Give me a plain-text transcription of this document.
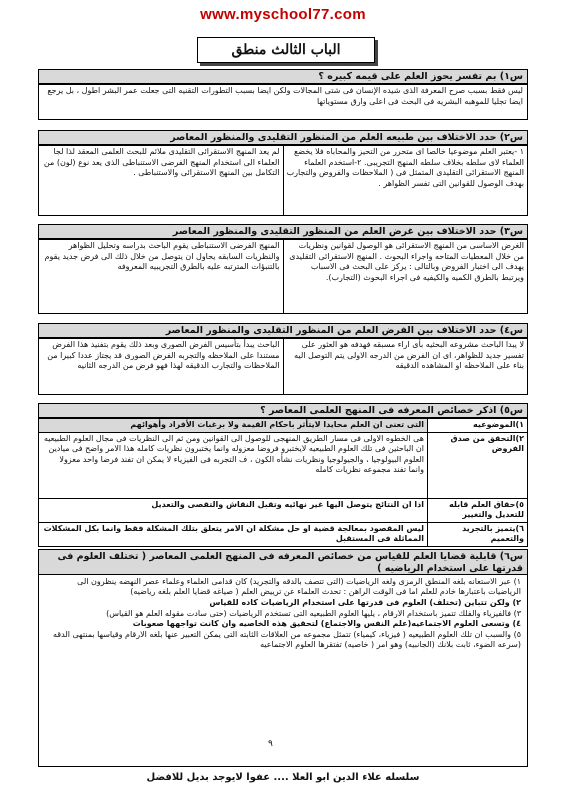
www.myschool77.com
الباب الثالث منطق
س١) بم تفسر يحوز العلم على قيمه كبيره ؟
ليس فقط بسبب صرح المعرفة الذى شيده الإنسان فى شتى المجالات ولكن ايضا بسبب التطورات التقنيه التى جعلت عمر البشر اطول ، بل يرجع ايضا تجليا للموهبه البشريه فى البحث فى اعلى وارق مستوياتها
س٢) حدد الاختلاف بين طبيعه العلم من المنظور التقليدى والمنظور المعاصر
١ -يعتبر العلم موضوعيا خالصا اى متحرر من التحيز والمحاباه فلا يخضع العلماء لاى سلطه بخلاف سلطه المنهج التجريبى. ٢-استخدم العلماء المنهج الاستقرائى التقليدى المتمثل فى ( الملاحظات والفروض والتجارب بهدف الوصول للقوانين التى تفسر الظواهر .	لم يعد المنهج الاستقرائى التقليدى ملائم للبحث العلمى المعقد لذا لجا العلماء الى استخدام المنهج الفرضى الاستنباطى الذى يعد نوع (لون) من التكامل بين المنهج الاستقرائى والاستنباطى .
س٣) حدد الاختلاف بين غرض العلم من المنظور التقليدى والمنظور المعاصر
الغرض الاساسى من المنهج الاستقرائى هو الوصول لقوانين ونظريات من خلال المعطيات المتاحه واجراء البحوث . المنهج الاستقرائى التقليدى يهدف الى اختبار الفروض وبالتالى : يركز على البحث فى الاسباب ويرتبط بالطرق الكميه والكيفيه فى اجراء البحوث (التجارب).	المنهج الفرضى الاستنباطى يقوم الباحث بدراسه وتحليل الظواهر والنظريات السابقه يحاول ان يتوصل من خلال ذلك الى فرض جديد يقوم بالتنبؤات المترتبه عليه بالطرق التجريبيه المعروفه
س٤) حدد الاختلاف بين الفرض العلم من المنظور التقليدى والمنظور المعاصر
لا يبدا الباحث مشروعه البحثيه بأى اراء مسبقه فهدفه هو العثور على تفسير جديد للظواهر، اى ان الفرض من الدرجه الاولى يتم التوصل اليه بناء على الملاحظه او المشاهده الدقيقه	الباحث يبدأ بتأسيس الفرض الصورى وبعد ذلك يقوم بتفنيد هذا الفرض مستندا على الملاحظه والتجربه الفرض الصورى قد يجتاز عددا كبيرا من الملاحظات والتجارب الدقيقه لهذا فهو فرض من الدرجه الثانيه
س٥) اذكر خصائص المعرفه فى المنهج العلمى المعاصر ؟
١)الموضوعيه	التى تعنى ان العلم محايدا لايتأثر باحكام القيمة ولا برغبات الأفراد وأهوائهم
٢)التحقق من صدق الفروض	هى الخطوه الاولى فى مسار الطريق المنهجى للوصول الى القوانين ومن ثم الى النظريات فى مجال العلوم الطبيعيه ان الباحثين فى تلك العلوم الطبيعيه لايختبرو فروضا معزوله وانما يختبرون نظريات كامله هذا الامر واضح فى ميادين العلوم البيولوجيا ، والجيولوجيا ونظريات نشأه الكون ، ف التجربه فى الفيزياء لا يمكن ان تفند فرضا واحد معزولا وانما تفند مجموعه نظريات كامله
٥)حقاق العلم قابله للتعديل والتغيير	اذا ان النتائج يتوصل اليها غير نهائيه وتقبل النقاش والتقصى والتعديل
٦)يتميز بالتجريد والتعميم	ليس المقصود بمعالجة قضية او حل مشكلة ان الامر يتعلق بتلك المشكلة فقط وانما بكل المشكلات المماثلة فى المستقبل
س٦) قابلية قضايا العلم للقياس من خصائص المعرفه فى المنهج العلمى المعاصر ( تختلف العلوم فى قدرتها على استخدام الرياضيه )

١) عبر الاستعانه بلغه المنطق الرمزى ولغه الرياضيات (التى تتصف بالدقه والتجريد) كان قدامى العلماء وعلماء عصر النهضه ينظرون الى الرياضيات باعتبارها خادم للعلم اما فى الوقت الراهن : تحدث العلماء عن ترييض العلم ( صياغه قضايا العلم بلغه رياضيه)

٢) ولكن تتباين (تختلف) العلوم فى قدرتها على استخدام الرياضيات كاده للقياس

٣) فالفيزياء والفلك تتميز باستخدام الارقام ، يليها العلوم الطبيعيه التى تستخدم الرياضيات (حتى سادت مقوله العلم هو القياس)

٤) وتسعى العلوم الاجتماعيه(علم النفس والاجتماع) لتحقيق هذه الخاصيه وان كانت تواجهها صعوبات

٥) والسبب ان تلك العلوم الطبيعيه ( فيزياء، كيمياء) تتمثل مجموعه من العلاقات الثابته التى يمكن التعبير عنها بلغه الارقام وقياسها بمنتهى الدقه (سرعه الضوء، ثابت بلانك (الجانبيه) وهو امر ( خاصيه) تفتقرها العلوم الاجتماعيه

٩
سلسله علاء الدين ابو العلا .... عفوا لايوجد بديل للافضل
